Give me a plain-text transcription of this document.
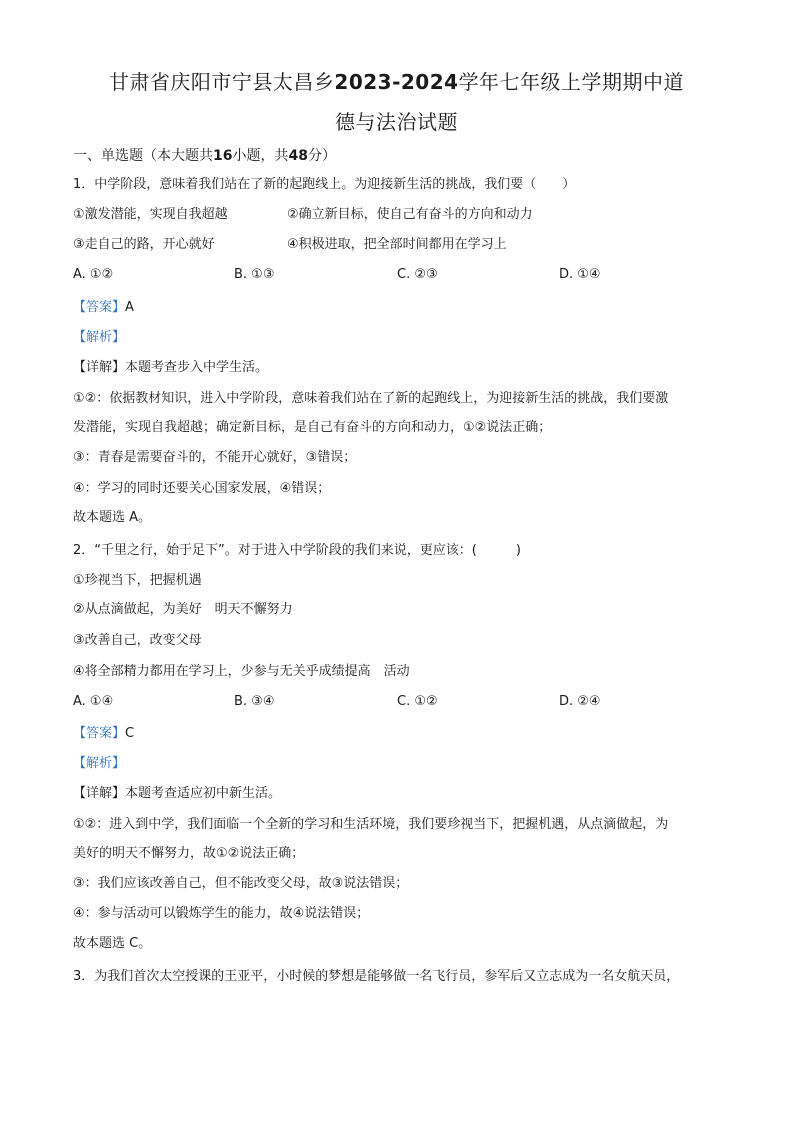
甘肃省庆阳市宁县太昌乡2023-2024学年七年级上学期期中道
德与法治试题
一、单选题（本大题共16小题，共48分）
1．中学阶段，意味着我们站在了新的起跑线上。为迎接新生活的挑战，我们要（　　）
①激发潜能，实现自我超越	②确立新目标，使自己有奋斗的方向和动力
③走自己的路，开心就好	④积极进取，把全部时间都用在学习上
A. ①②	B. ①③	C. ②③	D. ①④
【答案】A
【解析】
【详解】本题考查步入中学生活。
①②：依据教材知识，进入中学阶段，意味着我们站在了新的起跑线上，为迎接新生活的挑战，我们要激
发潜能，实现自我超越；确定新目标，是自己有奋斗的方向和动力，①②说法正确；
③：青春是需要奋斗的，不能开心就好，③错误；
④：学习的同时还要关心国家发展，④错误；
故本题选 A。
2．“千里之行，始于足下”。对于进入中学阶段的我们来说，更应该：(　　　)
①珍视当下，把握机遇
②从点滴做起，为美好　明天不懈努力
③改善自己，改变父母
④将全部精力都用在学习上，少参与无关乎成绩提高　活动
A. ①④	B. ③④	C. ①②	D. ②④
【答案】C
【解析】
【详解】本题考查适应初中新生活。
①②：进入到中学，我们面临一个全新的学习和生活环境，我们要珍视当下，把握机遇，从点滴做起，为
美好的明天不懈努力，故①②说法正确；
③：我们应该改善自己，但不能改变父母，故③说法错误；
④：参与活动可以锻炼学生的能力，故④说法错误；
故本题选 C。
3．为我们首次太空授课的王亚平，小时候的梦想是能够做一名飞行员，参军后又立志成为一名女航天员，
